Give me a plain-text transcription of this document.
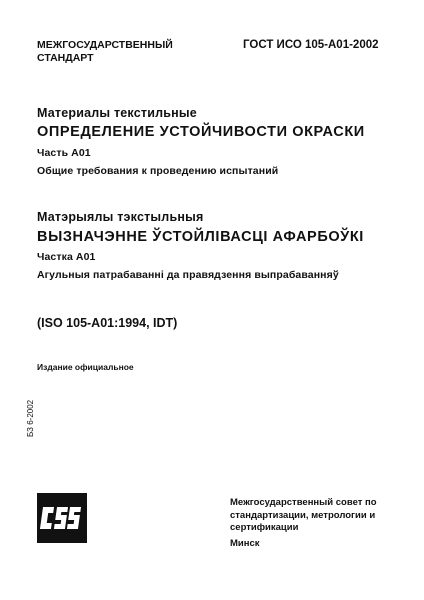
МЕЖГОСУДАРСТВЕННЫЙ
СТАНДАРТ
ГОСТ ИСО 105-А01-2002
Материалы текстильные
ОПРЕДЕЛЕНИЕ УСТОЙЧИВОСТИ ОКРАСКИ
Часть А01
Общие требования к проведению испытаний
Матэрыялы тэкстыльныя
ВЫЗНАЧЭННЕ ЎСТОЙЛІВАСЦІ АФАРБОЎКІ
Частка А01
Агульныя патрабаванні да правядзення выпрабаванняў
(ISO 105-A01:1994, IDT)
Издание официальное
БЗ 6-2002
Межгосударственный совет по
стандартизации, метрологии и
сертификации
Минск
